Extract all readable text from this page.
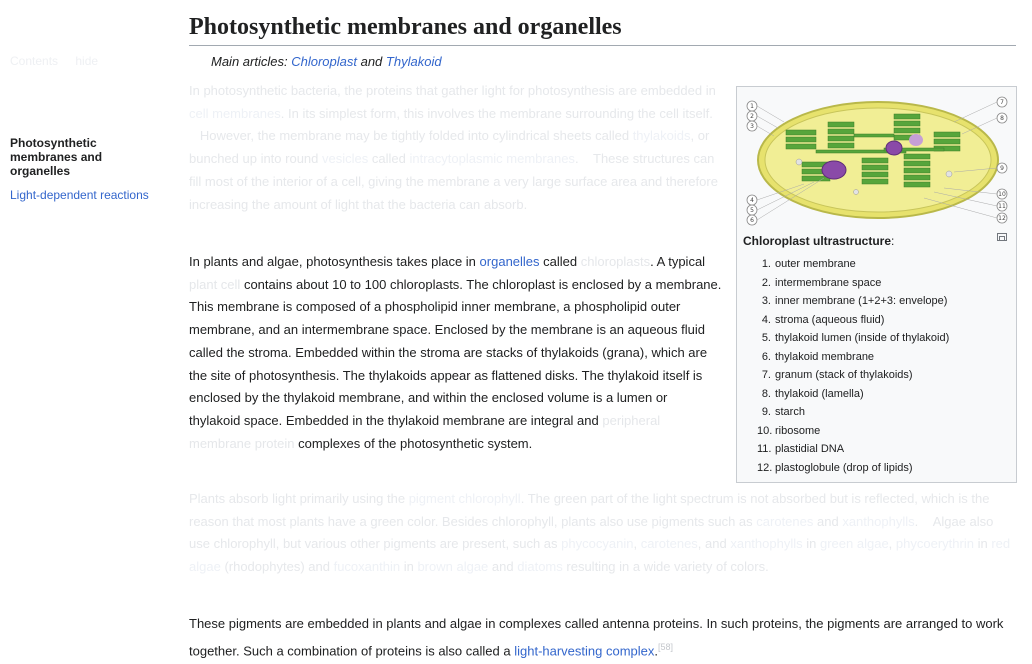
Contents hide
Photosynthetic
membranes and
organelles
Light-dependent reactions
Photosynthetic membranes and organelles
Main articles: Chloroplast and Thylakoid

In photosynthetic bacteria, the proteins that gather light for photosynthesis are embedded in cell membranes. In its simplest form, this involves the membrane surrounding the cell itself.    However, the membrane may be tightly folded into cylindrical sheets called thylakoids, or bunched up into round vesicles called intracytoplasmic membranes. These structures can fill most of the interior of a cell, giving the membrane a very large surface area and therefore increasing the amount of light that the bacteria can absorb.

In plants and algae, photosynthesis takes place in organelles called chloroplasts. A typical plant cell contains about 10 to 100 chloroplasts. The chloroplast is enclosed by a membrane. This membrane is composed of a phospholipid inner membrane, a phospholipid outer membrane, and an intermembrane space. Enclosed by the membrane is an aqueous fluid called the stroma. Embedded within the stroma are stacks of thylakoids (grana), which are the site of photosynthesis. The thylakoids appear as flattened disks. The thylakoid itself is enclosed by the thylakoid membrane, and within the enclosed volume is a lumen or thylakoid space. Embedded in the thylakoid membrane are integral and peripheral membrane protein complexes of the photosynthetic system.

Plants absorb light primarily using the pigment chlorophyll. The green part of the light spectrum is not absorbed but is reflected, which is the reason that most plants have a green color. Besides chlorophyll, plants also use pigments such as carotenes and xanthophylls. Algae also use chlorophyll, but various other pigments are present, such as phycocyanin, carotenes, and xanthophylls in green algae, phycoerythrin in red algae (rhodophytes) and fucoxanthin in brown algae and diatoms resulting in a wide variety of colors.

These pigments are embedded in plants and algae in complexes called antenna proteins. In such proteins, the pigments are arranged to work together. Such a combination of proteins is also called a light-harvesting complex.[58]

1
2
3
4
5
6
7
8
9
10
11
12
Chloroplast ultrastructure:
1. outer membrane
2. intermembrane space
3. inner membrane (1+2+3: envelope)
4. stroma (aqueous fluid)
5. thylakoid lumen (inside of thylakoid)
6. thylakoid membrane
7. granum (stack of thylakoids)
8. thylakoid (lamella)
9. starch
10. ribosome
11. plastidial DNA
12. plastoglobule (drop of lipids)
